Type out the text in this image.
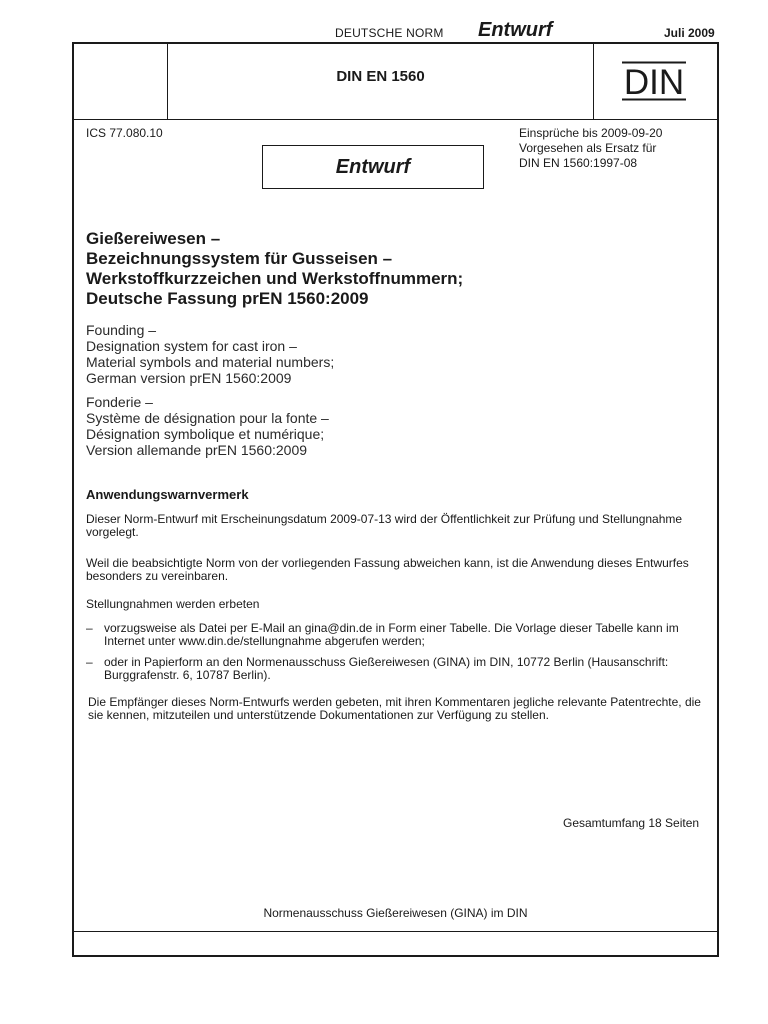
DEUTSCHE NORM Entwurf	Juli 2009
DIN EN 1560	DIN
ICS 77.080.10	Einsprüche bis 2009-09-20
Vorgesehen als Ersatz für
DIN EN 1560:1997-08
Entwurf
Gießereiwesen –
Bezeichnungssystem für Gusseisen –
Werkstoffkurzzeichen und Werkstoffnummern;
Deutsche Fassung prEN 1560:2009
Founding –
Designation system for cast iron –
Material symbols and material numbers;
German version prEN 1560:2009
Fonderie –
Système de désignation pour la fonte –
Désignation symbolique et numérique;
Version allemande prEN 1560:2009
Anwendungswarnvermerk
Dieser Norm-Entwurf mit Erscheinungsdatum 2009-07-13 wird der Öffentlichkeit zur Prüfung und Stellungnahme vorgelegt.
Weil die beabsichtigte Norm von der vorliegenden Fassung abweichen kann, ist die Anwendung dieses Entwurfes besonders zu vereinbaren.
Stellungnahmen werden erbeten
– vorzugsweise als Datei per E-Mail an gina@din.de in Form einer Tabelle. Die Vorlage dieser Tabelle kann im Internet unter www.din.de/stellungnahme abgerufen werden;
– oder in Papierform an den Normenausschuss Gießereiwesen (GINA) im DIN, 10772 Berlin (Hausanschrift: Burggrafenstr. 6, 10787 Berlin).
Die Empfänger dieses Norm-Entwurfs werden gebeten, mit ihren Kommentaren jegliche relevante Patentrechte, die sie kennen, mitzuteilen und unterstützende Dokumentationen zur Verfügung zu stellen.
Gesamtumfang 18 Seiten
Normenausschuss Gießereiwesen (GINA) im DIN
